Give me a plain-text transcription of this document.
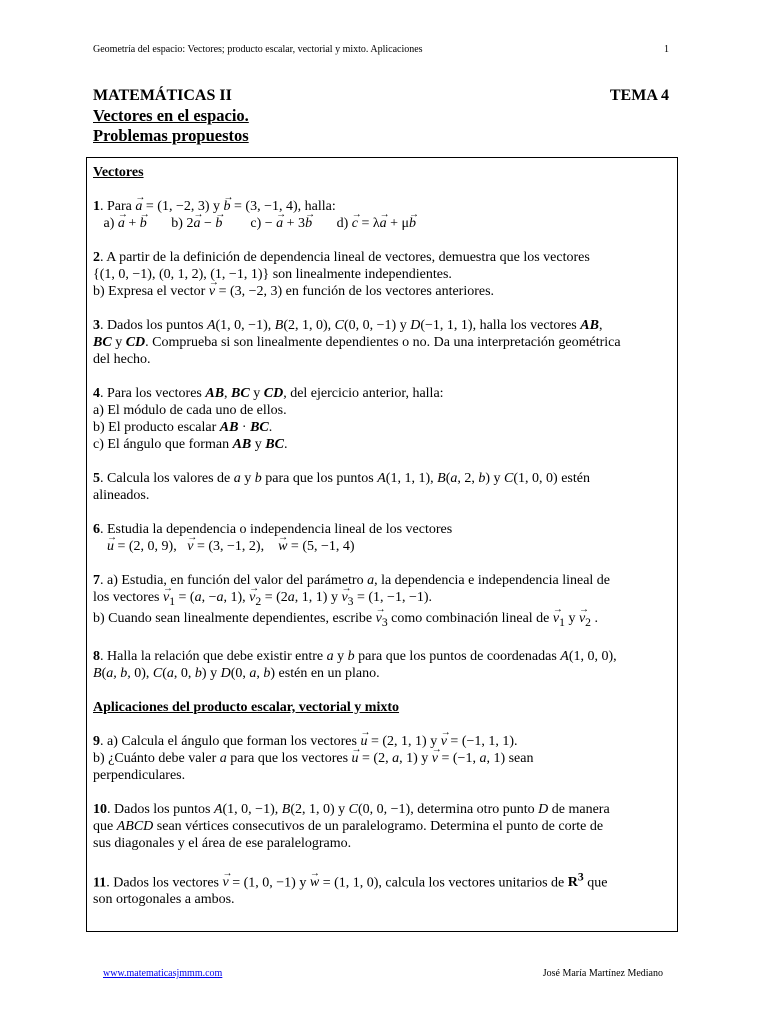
Geometría del espacio: Vectores; producto escalar, vectorial y mixto. Aplicaciones	1
MATEMÁTICAS II	TEMA 4
Vectores en el espacio.
Problemas propuestos

Vectores

1. Para → a = (1, −2, 3) y → b = (3, −1, 4), halla:

a) → a + → b       b) 2→ a − → b        c) − → a + 3→ b       d) → c = λ→ a + μ→ b

2. A partir de la definición de dependencia lineal de vectores, demuestra que los vectores

{(1, 0, −1), (0, 1, 2), (1, −1, 1)} son linealmente independientes.

b) Expresa el vector → v = (3, −2, 3) en función de los vectores anteriores.

3. Dados los puntos A(1, 0, −1), B(2, 1, 0), C(0, 0, −1) y D(−1, 1, 1), halla los vectores AB,

BC y CD. Comprueba si son linealmente dependientes o no. Da una interpretación geométrica

del hecho.

4. Para los vectores AB, BC y CD, del ejercicio anterior, halla:

a) El módulo de cada uno de ellos.

b) El producto escalar AB · BC.

c) El ángulo que forman AB y BC.

5. Calcula los valores de a y b para que los puntos A(1, 1, 1), B(a, 2, b) y C(1, 0, 0) estén

alineados.

6. Estudia la dependencia o independencia lineal de los vectores

→ u = (2, 0, 9),   → v = (3, −1, 2),    → w = (5, −1, 4)

7. a) Estudia, en función del valor del parámetro a, la dependencia e independencia lineal de

los vectores → $v_1 = (a$, −a, 1), → $v_2 = (2a$, 1, 1) $y \to v_3 = (1$, −1, −1).

b) Cuando sean linealmente dependientes, escribe → $v_3$ como combinación lineal de → $v_1$ $y \to v_2$ .

8. Halla la relación que debe existir entre a y b para que los puntos de coordenadas A(1, 0, 0),

B(a, b, 0), C(a, 0, b) y D(0, a, b) estén en un plano.

Aplicaciones del producto escalar, vectorial y mixto

9. a) Calcula el ángulo que forman los vectores → u = (2, 1, 1) y → v = (−1, 1, 1).

b) ¿Cuánto debe valer a para que los vectores → u = (2, a, 1) y → v = (−1, a, 1) sean

perpendiculares.

10. Dados los puntos A(1, 0, −1), B(2, 1, 0) y C(0, 0, −1), determina otro punto D de manera

que ABCD sean vértices consecutivos de un paralelogramo. Determina el punto de corte de

sus diagonales y el área de ese paralelogramo.

11. Dados los vectores → v = (1, 0, −1) y → w = (1, 1, 0), calcula los vectores unitarios de $R^3$ que

son ortogonales a ambos.

www.matematicasjmmm.com	José María Martínez Mediano
